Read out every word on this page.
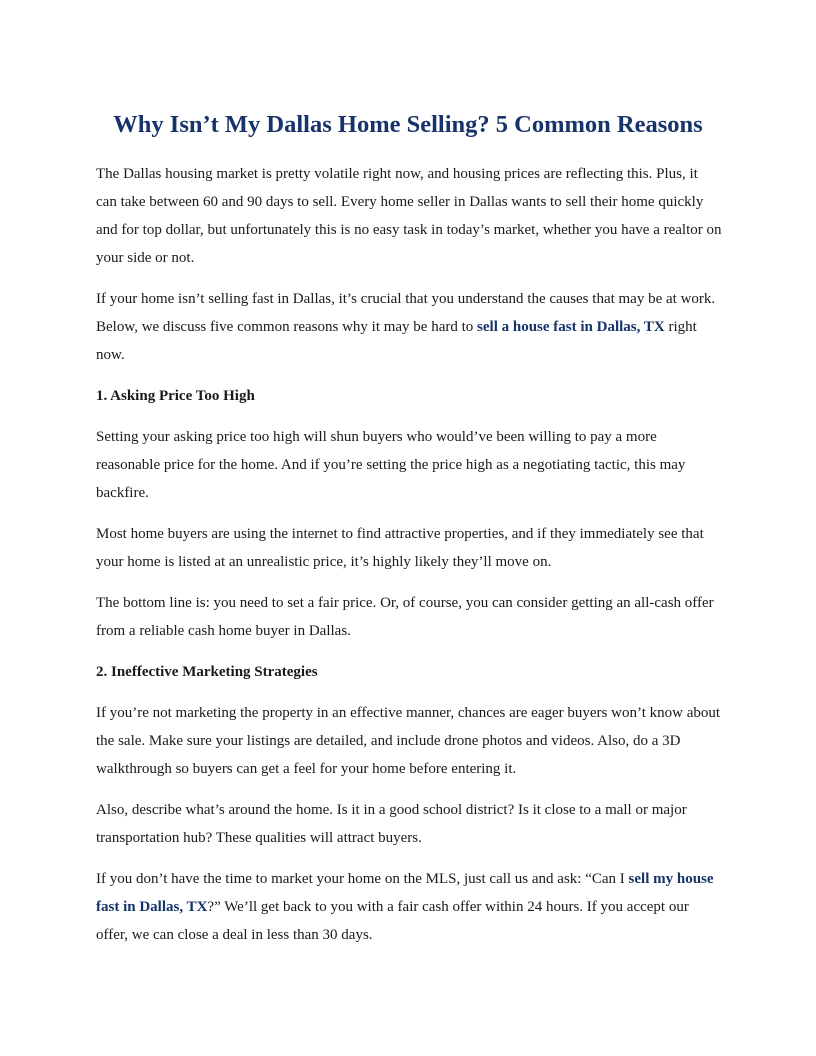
Why Isn’t My Dallas Home Selling? 5 Common Reasons

The Dallas housing market is pretty volatile right now, and housing prices are reflecting this. Plus, it can take between 60 and 90 days to sell. Every home seller in Dallas wants to sell their home quickly and for top dollar, but unfortunately this is no easy task in today’s market, whether you have a realtor on your side or not.

If your home isn’t selling fast in Dallas, it’s crucial that you understand the causes that may be at work. Below, we discuss five common reasons why it may be hard to sell a house fast in Dallas, TX right now.

1. Asking Price Too High

Setting your asking price too high will shun buyers who would’ve been willing to pay a more reasonable price for the home. And if you’re setting the price high as a negotiating tactic, this may backfire.

Most home buyers are using the internet to find attractive properties, and if they immediately see that your home is listed at an unrealistic price, it’s highly likely they’ll move on.

The bottom line is: you need to set a fair price. Or, of course, you can consider getting an all-cash offer from a reliable cash home buyer in Dallas.

2. Ineffective Marketing Strategies

If you’re not marketing the property in an effective manner, chances are eager buyers won’t know about the sale. Make sure your listings are detailed, and include drone photos and videos. Also, do a 3D walkthrough so buyers can get a feel for your home before entering it.

Also, describe what’s around the home. Is it in a good school district? Is it close to a mall or major transportation hub? These qualities will attract buyers.

If you don’t have the time to market your home on the MLS, just call us and ask: “Can I sell my house fast in Dallas, TX?” We’ll get back to you with a fair cash offer within 24 hours. If you accept our offer, we can close a deal in less than 30 days.
